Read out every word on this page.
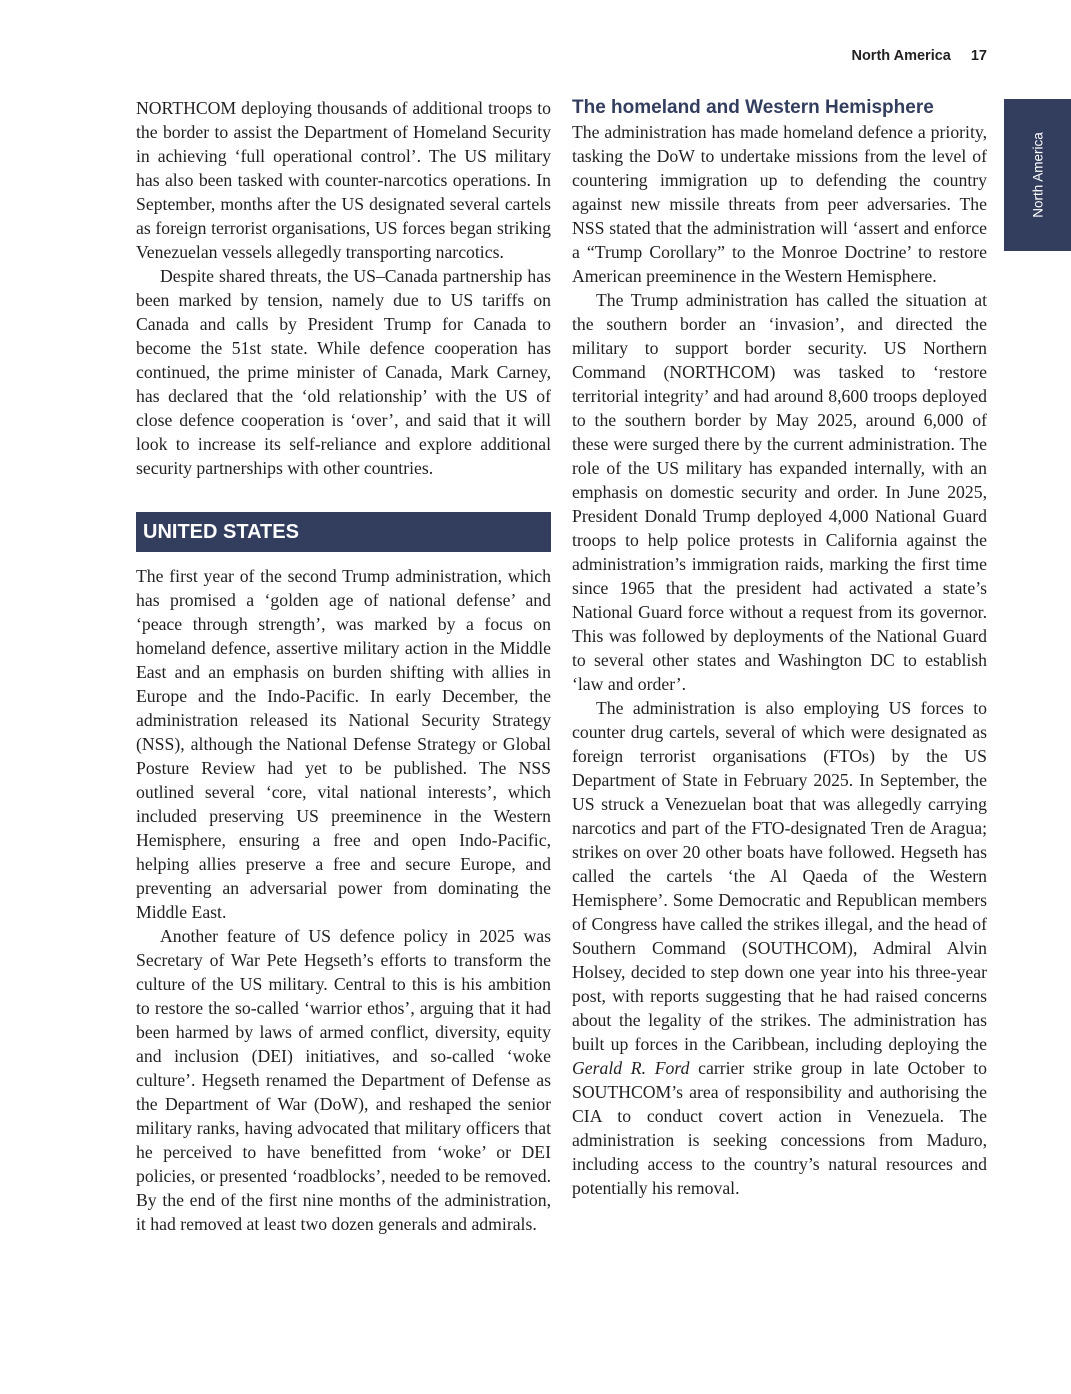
North America 17
North America

NORTHCOM deploying thousands of additional troops to the border to assist the Department of Homeland Security in achieving ‘full operational control’. The US military has also been tasked with counter-narcotics operations. In September, months after the US designated several cartels as foreign terrorist organisations, US forces began striking Venezuelan vessels allegedly transporting narcotics.

Despite shared threats, the US–Canada partnership has been marked by tension, namely due to US tariffs on Canada and calls by President Trump for Canada to become the 51st state. While defence cooperation has continued, the prime minister of Canada, Mark Carney, has declared that the ‘old relationship’ with the US of close defence cooperation is ‘over’, and said that it will look to increase its self-reliance and explore additional security partnerships with other countries.

UNITED STATES

The first year of the second Trump administration, which has promised a ‘golden age of national defense’ and ‘peace through strength’, was marked by a focus on homeland defence, assertive military action in the Middle East and an emphasis on burden shifting with allies in Europe and the Indo-Pacific. In early December, the administration released its National Security Strategy (NSS), although the National Defense Strategy or Global Posture Review had yet to be published. The NSS outlined several ‘core, vital national interests’, which included preserving US preeminence in the Western Hemisphere, ensuring a free and open Indo-Pacific, helping allies preserve a free and secure Europe, and preventing an adversarial power from dominating the Middle East.

Another feature of US defence policy in 2025 was Secretary of War Pete Hegseth’s efforts to transform the culture of the US military. Central to this is his ambition to restore the so-called ‘warrior ethos’, arguing that it had been harmed by laws of armed conflict, diversity, equity and inclusion (DEI) initiatives, and so-called ‘woke culture’. Hegseth renamed the Department of Defense as the Department of War (DoW), and reshaped the senior military ranks, having advocated that military officers that he perceived to have benefitted from ‘woke’ or DEI policies, or presented ‘roadblocks’, needed to be removed. By the end of the first nine months of the administration, it had removed at least two dozen generals and admirals.

The homeland and Western Hemisphere

The administration has made homeland defence a priority, tasking the DoW to undertake missions from the level of countering immigration up to defending the country against new missile threats from peer adversaries. The NSS stated that the administration will ‘assert and enforce a “Trump Corollary” to the Monroe Doctrine’ to restore American preeminence in the Western Hemisphere.

The Trump administration has called the situation at the southern border an ‘invasion’, and directed the military to support border security. US Northern Command (NORTHCOM) was tasked to ‘restore territorial integrity’ and had around 8,600 troops deployed to the southern border by May 2025, around 6,000 of these were surged there by the current administration. The role of the US military has expanded internally, with an emphasis on domestic security and order. In June 2025, President Donald Trump deployed 4,000 National Guard troops to help police protests in California against the administration’s immigration raids, marking the first time since 1965 that the president had activated a state’s National Guard force without a request from its governor. This was followed by deployments of the National Guard to several other states and Washington DC to establish ‘law and order’.

The administration is also employing US forces to counter drug cartels, several of which were designated as foreign terrorist organisations (FTOs) by the US Department of State in February 2025. In September, the US struck a Venezuelan boat that was allegedly carrying narcotics and part of the FTO-designated Tren de Aragua; strikes on over 20 other boats have followed. Hegseth has called the cartels ‘the Al Qaeda of the Western Hemisphere’. Some Democratic and Republican members of Congress have called the strikes illegal, and the head of Southern Command (SOUTHCOM), Admiral Alvin Holsey, decided to step down one year into his three-year post, with reports suggesting that he had raised concerns about the legality of the strikes. The administration has built up forces in the Caribbean, including deploying the Gerald R. Ford carrier strike group in late October to SOUTHCOM’s area of responsibility and authorising the CIA to conduct covert action in Venezuela. The administration is seeking concessions from Maduro, including access to the country’s natural resources and potentially his removal.
